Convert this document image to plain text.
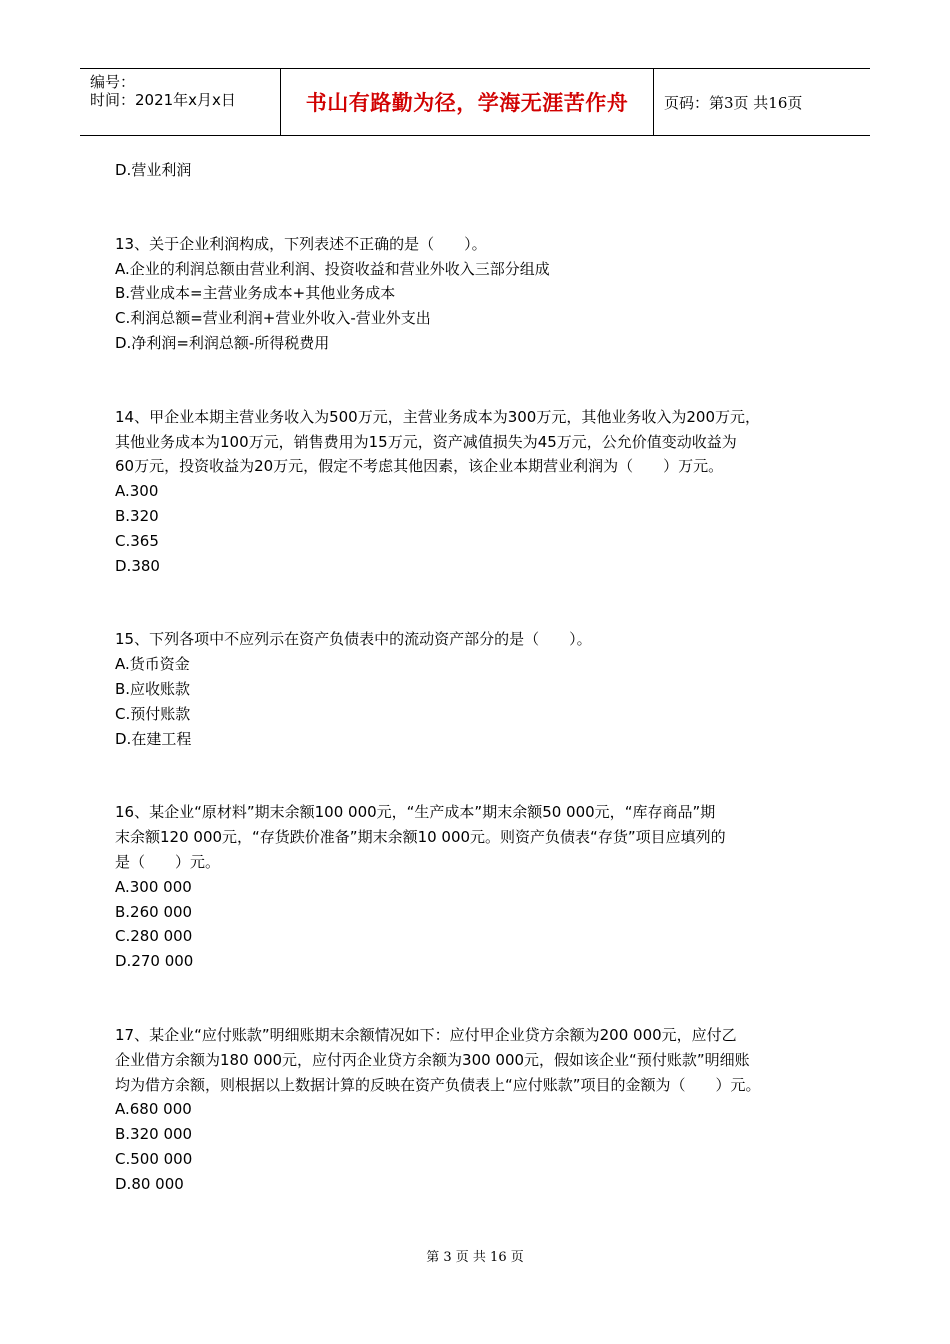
编号：
时间：2021年x月x日	书山有路勤为径，学海无涯苦作舟	页码：第3页 共16页
D.营业利润
13、关于企业利润构成，下列表述不正确的是（　　）。
A.企业的利润总额由营业利润、投资收益和营业外收入三部分组成
B.营业成本=主营业务成本+其他业务成本
C.利润总额=营业利润+营业外收入-营业外支出
D.净利润=利润总额-所得税费用
14、甲企业本期主营业务收入为500万元，主营业务成本为300万元，其他业务收入为200万元，
其他业务成本为100万元，销售费用为15万元，资产减值损失为45万元，公允价值变动收益为
60万元，投资收益为20万元，假定不考虑其他因素，该企业本期营业利润为（　　）万元。
A.300
B.320
C.365
D.380
15、下列各项中不应列示在资产负债表中的流动资产部分的是（　　）。
A.货币资金
B.应收账款
C.预付账款
D.在建工程
16、某企业“原材料”期末余额100 000元，“生产成本”期末余额50 000元，“库存商品”期
末余额120 000元，“存货跌价准备”期末余额10 000元。则资产负债表“存货”项目应填列的
是（　　）元。
A.300 000
B.260 000
C.280 000
D.270 000
17、某企业“应付账款”明细账期末余额情况如下：应付甲企业贷方余额为200 000元，应付乙
企业借方余额为180 000元，应付丙企业贷方余额为300 000元，假如该企业“预付账款”明细账
均为借方余额，则根据以上数据计算的反映在资产负债表上“应付账款”项目的金额为（　　）元。
A.680 000
B.320 000
C.500 000
D.80 000
第 3 页 共 16 页
